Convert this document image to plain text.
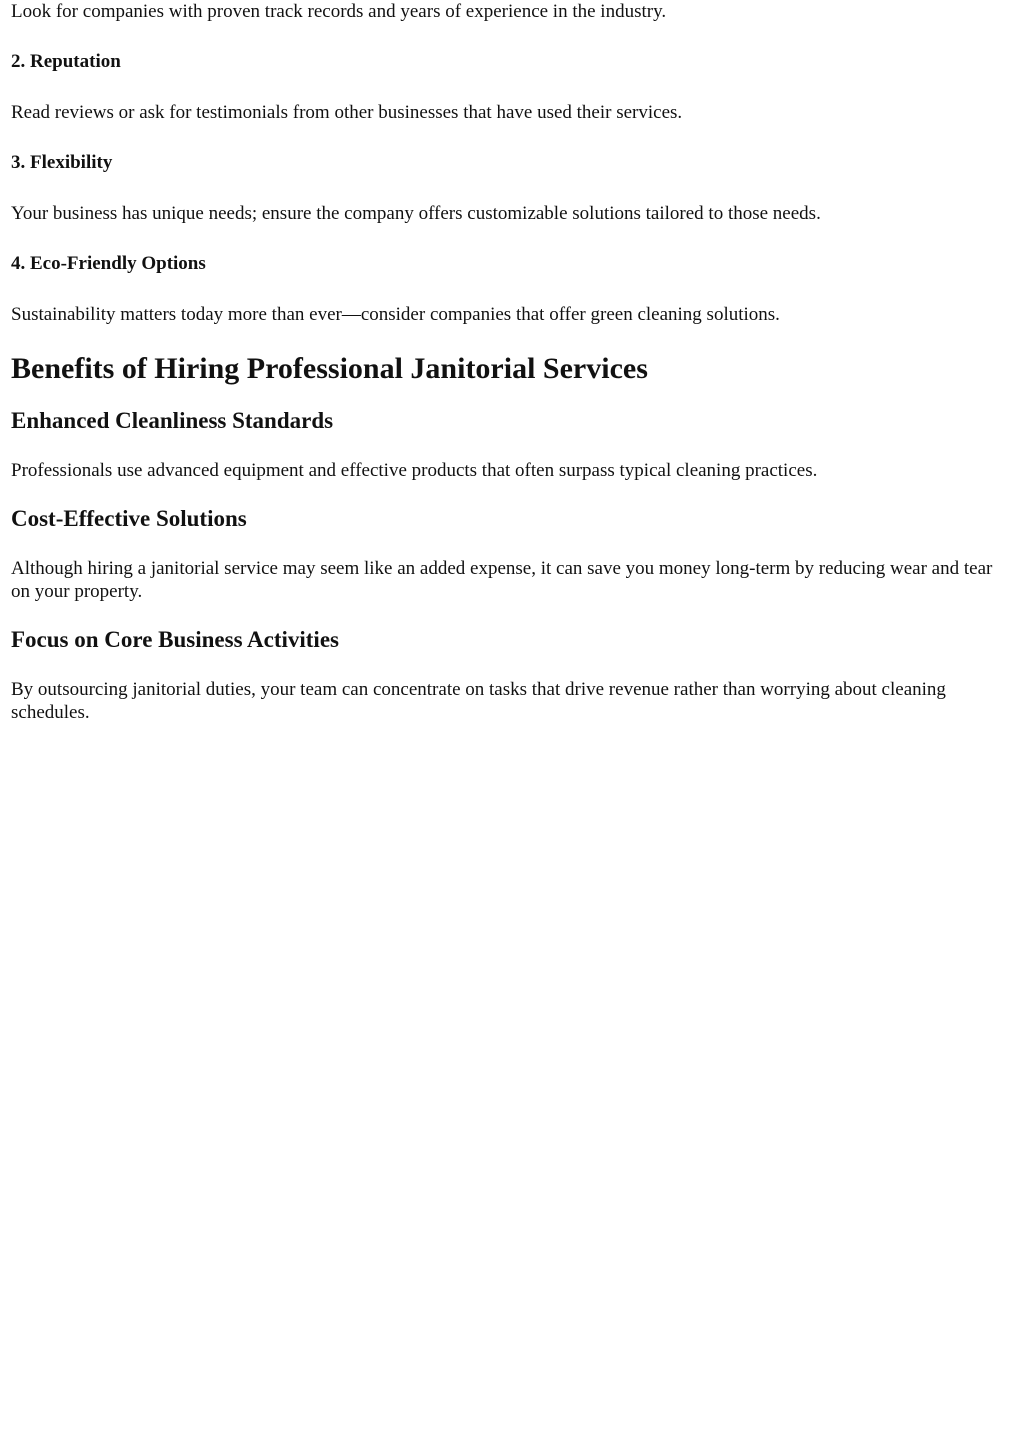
Look for companies with proven track records and years of experience in the industry.

2. Reputation

Read reviews or ask for testimonials from other businesses that have used their services.

3. Flexibility

Your business has unique needs; ensure the company offers customizable solutions tailored to those needs.

4. Eco-Friendly Options

Sustainability matters today more than ever—consider companies that offer green cleaning solutions.

Benefits of Hiring Professional Janitorial Services
Enhanced Cleanliness Standards

Professionals use advanced equipment and effective products that often surpass typical cleaning practices.

Cost-Effective Solutions

Although hiring a janitorial service may seem like an added expense, it can save you money long-term by reducing wear and tear on your property.

Focus on Core Business Activities

By outsourcing janitorial duties, your team can concentrate on tasks that drive revenue rather than worrying about cleaning schedules.
